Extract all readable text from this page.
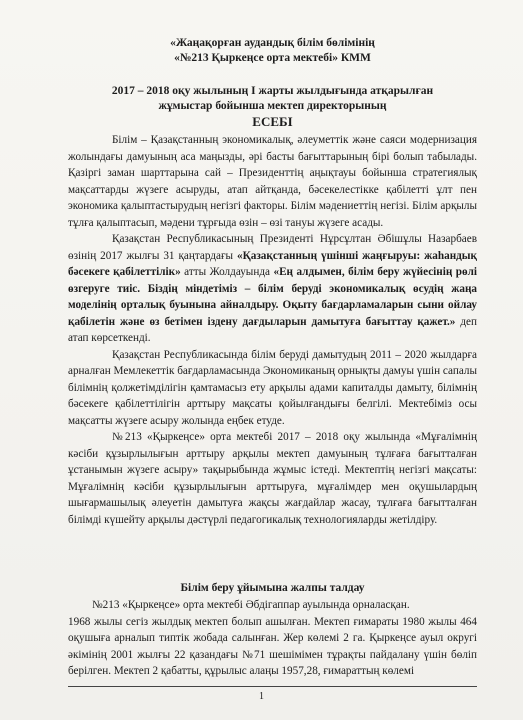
«Жаңақорған аудандық білім бөлімінің
«№213 Қыркеңсе орта мектебі» КММ
2017 – 2018 оқу жылының I жарты жылдығында атқарылған
жұмыстар бойынша мектеп директорының
ЕСЕБІ

Білім – Қазақстанның экономикалық, әлеуметтік және саяси модернизация жолындағы дамуының аса маңызды, әрі басты бағыттарының бірі болып табылады. Қазіргі заман шарттарына сай – Президенттің аңықтауы бойынша стратегиялық мақсаттарды жүзеге асыруды, атап айтқанда, бәсекелестікке қабілетті ұлт пен экономика қалыптастырудың негізгі факторы. Білім мәдениеттің негізі. Білім арқылы тұлға қалыптасып, мәдени тұрғыда өзін – өзі тануы жүзеге асады.

Қазақстан Республикасының Президенті Нұрсұлтан Әбішұлы Назарбаев өзінің 2017 жылғы 31 қаңтардағы «Қазақстанның үшінші жаңғыруы: жаһандық бәсекеге қабілеттілік» атты Жолдауында «Ең алдымен, білім беру жүйесінің рөлі өзгеруге тиіс. Біздің міндетіміз – білім беруді экономикалық өсудің жаңа моделінің орталық буынына айналдыру. Оқыту бағдарламаларын сыни ойлау қабілетін және өз бетімен іздену дағдыларын дамытуға бағыттау қажет.» деп атап көрсеткенді.

Қазақстан Республикасында білім беруді дамытудың 2011 – 2020 жылдарға арналған Мемлекеттік бағдарламасында Экономиканың орнықты дамуы үшін сапалы білімнің қолжетімділігін қамтамасыз ету арқылы адами капиталды дамыту, білімнің бәсекеге қабілеттілігін арттыру мақсаты қойылғандығы белгілі. Мектебіміз осы мақсатты жүзеге асыру жолында еңбек етуде.

№213 «Қыркеңсе» орта мектебі 2017 – 2018 оқу жылында «Мұғалімнің кәсіби құзырлылығын арттыру арқылы мектеп дамуының тұлғаға бағытталған ұстанымын жүзеге асыру» тақырыбында жұмыс істеді. Мектептің негізгі мақсаты: Мұғалімнің кәсіби құзырлылығын арттыруға, мұғалімдер мен оқушылардың шығармашылық әлеуетін дамытуға жақсы жағдайлар жасау, тұлғаға бағытталған білімді күшейту арқылы дәстүрлі педагогикалық технологияларды жетілдіру.

Білім беру ұйымына жалпы талдау

№213 «Қыркеңсе» орта мектебі Әбдігаппар ауылында орналасқан.

1968 жылы сегіз жылдық мектеп болып ашылған. Мектеп ғимараты 1980 жылы 464 оқушыға арналып типтік жобада салынған. Жер көлемі 2 га. Қыркеңсе ауыл округі әкімінің 2001 жылғы 22 қазандағы №71 шешімімен тұрақты пайдалану үшін бөліп берілген. Мектеп 2 қабатты, құрылыс алаңы 1957,28, ғимараттың көлемі

1
